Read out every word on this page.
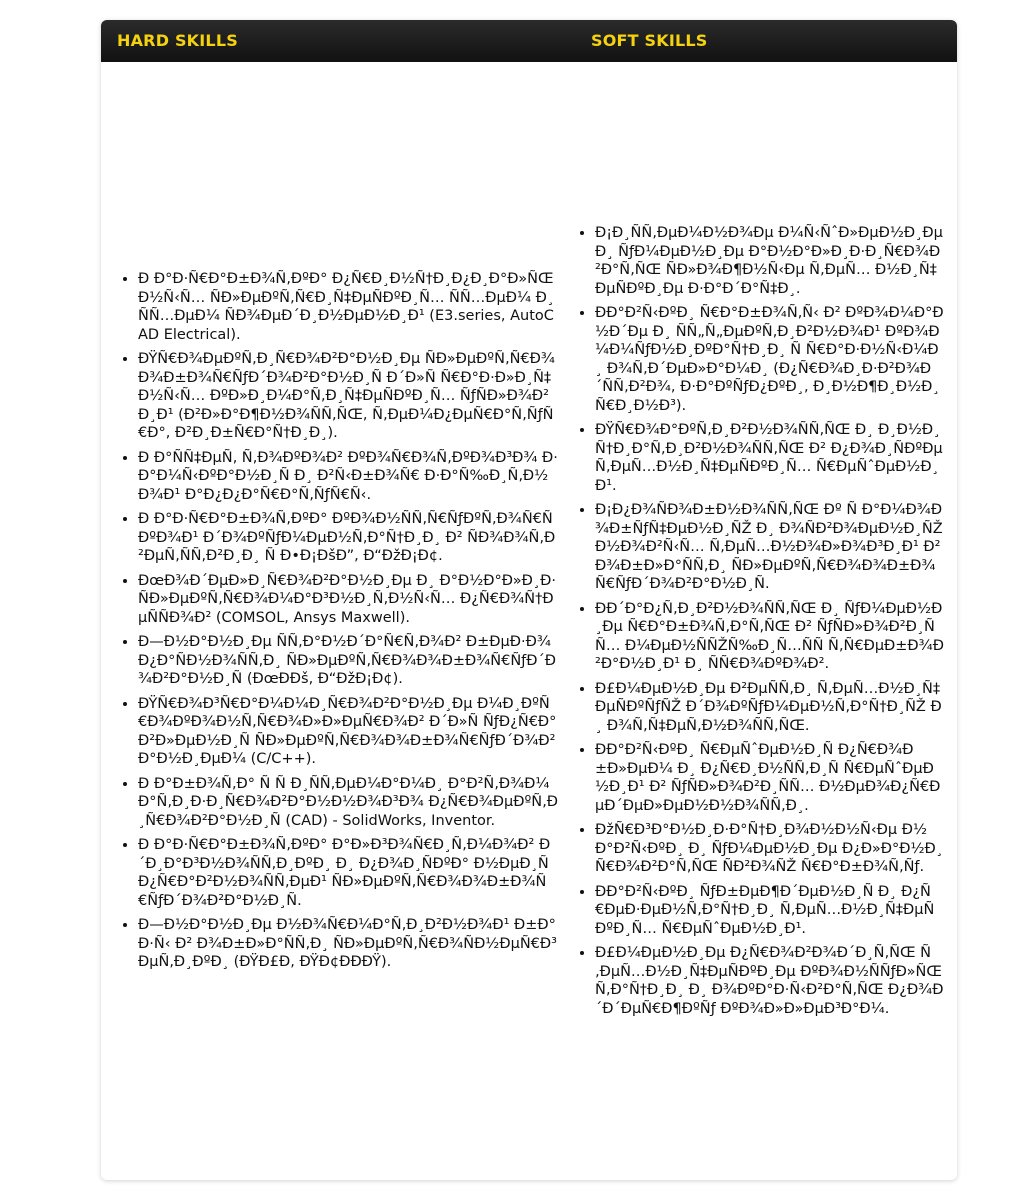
HARD SKILLS	SOFT SKILLS
• Ð Ð°Ð·Ñ€Ð°Ð±Ð¾Ñ‚ÐºÐ° Ð¿Ñ€Ð¸Ð½Ñ†Ð¸Ð¿Ð¸Ð°Ð»ÑŒÐ½Ñ‹Ñ… ÑÐ»ÐµÐºÑ‚Ñ€Ð¸Ñ‡ÐµÑÐºÐ¸Ñ… ÑÑ…ÐµÐ¼ Ð¸ ÑÑ…ÐµÐ¼ ÑÐ¾ÐµÐ´Ð¸Ð½ÐµÐ½Ð¸Ð¹ (E3.series, AutoCAD Electrical).
• ÐŸÑ€Ð¾ÐµÐºÑ‚Ð¸Ñ€Ð¾Ð²Ð°Ð½Ð¸Ðµ ÑÐ»ÐµÐºÑ‚Ñ€Ð¾Ð¾Ð±Ð¾Ñ€ÑƒÐ´Ð¾Ð²Ð°Ð½Ð¸Ñ Ð´Ð»Ñ Ñ€Ð°Ð·Ð»Ð¸Ñ‡Ð½Ñ‹Ñ… ÐºÐ»Ð¸Ð¼Ð°Ñ‚Ð¸Ñ‡ÐµÑÐºÐ¸Ñ… ÑƒÑÐ»Ð¾Ð²Ð¸Ð¹ (Ð²Ð»Ð°Ð¶Ð½Ð¾ÑÑ‚ÑŒ, Ñ‚ÐµÐ¼Ð¿ÐµÑ€Ð°Ñ‚ÑƒÑ€Ð°, Ð²Ð¸Ð±Ñ€Ð°Ñ†Ð¸Ð¸).
• Ð Ð°ÑÑ‡ÐµÑ‚ Ñ‚Ð¾ÐºÐ¾Ð² ÐºÐ¾Ñ€Ð¾Ñ‚ÐºÐ¾Ð³Ð¾ Ð·Ð°Ð¼Ñ‹ÐºÐ°Ð½Ð¸Ñ Ð¸ Ð²Ñ‹Ð±Ð¾Ñ€ Ð·Ð°Ñ‰Ð¸Ñ‚Ð½Ð¾Ð¹ Ð°Ð¿Ð¿Ð°Ñ€Ð°Ñ‚ÑƒÑ€Ñ‹.
• Ð Ð°Ð·Ñ€Ð°Ð±Ð¾Ñ‚ÐºÐ° ÐºÐ¾Ð½ÑÑ‚Ñ€ÑƒÐºÑ‚Ð¾Ñ€ÑÐºÐ¾Ð¹ Ð´Ð¾ÐºÑƒÐ¼ÐµÐ½Ñ‚Ð°Ñ†Ð¸Ð¸ Ð² ÑÐ¾Ð¾Ñ‚Ð²ÐµÑ‚ÑÑ‚Ð²Ð¸Ð¸ Ñ Ð•Ð¡ÐšÐ”, Ð“ÐžÐ¡Ð¢.
• ÐœÐ¾Ð´ÐµÐ»Ð¸Ñ€Ð¾Ð²Ð°Ð½Ð¸Ðµ Ð¸ Ð°Ð½Ð°Ð»Ð¸Ð· ÑÐ»ÐµÐºÑ‚Ñ€Ð¾Ð¼Ð°Ð³Ð½Ð¸Ñ‚Ð½Ñ‹Ñ… Ð¿Ñ€Ð¾Ñ†ÐµÑÑÐ¾Ð² (COMSOL, Ansys Maxwell).
• Ð—Ð½Ð°Ð½Ð¸Ðµ ÑÑ‚Ð°Ð½Ð´Ð°Ñ€Ñ‚Ð¾Ð² Ð±ÐµÐ·Ð¾Ð¿Ð°ÑÐ½Ð¾ÑÑ‚Ð¸ ÑÐ»ÐµÐºÑ‚Ñ€Ð¾Ð¾Ð±Ð¾Ñ€ÑƒÐ´Ð¾Ð²Ð°Ð½Ð¸Ñ (ÐœÐÐš, Ð“ÐžÐ¡Ð¢).
• ÐŸÑ€Ð¾Ð³Ñ€Ð°Ð¼Ð¼Ð¸Ñ€Ð¾Ð²Ð°Ð½Ð¸Ðµ Ð¼Ð¸ÐºÑ€Ð¾ÐºÐ¾Ð½Ñ‚Ñ€Ð¾Ð»Ð»ÐµÑ€Ð¾Ð² Ð´Ð»Ñ ÑƒÐ¿Ñ€Ð°Ð²Ð»ÐµÐ½Ð¸Ñ ÑÐ»ÐµÐºÑ‚Ñ€Ð¾Ð¾Ð±Ð¾Ñ€ÑƒÐ´Ð¾Ð²Ð°Ð½Ð¸ÐµÐ¼ (C/C++).
• Ð Ð°Ð±Ð¾Ñ‚Ð° Ñ Ñ Ð¸ÑÑ‚ÐµÐ¼Ð°Ð¼Ð¸ Ð°Ð²Ñ‚Ð¾Ð¼Ð°Ñ‚Ð¸Ð·Ð¸Ñ€Ð¾Ð²Ð°Ð½Ð½Ð¾Ð³Ð¾ Ð¿Ñ€Ð¾ÐµÐºÑ‚Ð¸Ñ€Ð¾Ð²Ð°Ð½Ð¸Ñ (CAD) - SolidWorks, Inventor.
• Ð Ð°Ð·Ñ€Ð°Ð±Ð¾Ñ‚ÐºÐ° Ð°Ð»Ð³Ð¾Ñ€Ð¸Ñ‚Ð¼Ð¾Ð² Ð´Ð¸Ð°Ð³Ð½Ð¾ÑÑ‚Ð¸ÐºÐ¸ Ð¸ Ð¿Ð¾Ð¸ÑÐºÐ° Ð½ÐµÐ¸ÑÐ¿Ñ€Ð°Ð²Ð½Ð¾ÑÑ‚ÐµÐ¹ ÑÐ»ÐµÐºÑ‚Ñ€Ð¾Ð¾Ð±Ð¾Ñ€ÑƒÐ´Ð¾Ð²Ð°Ð½Ð¸Ñ.
• Ð—Ð½Ð°Ð½Ð¸Ðµ Ð½Ð¾Ñ€Ð¼Ð°Ñ‚Ð¸Ð²Ð½Ð¾Ð¹ Ð±Ð°Ð·Ñ‹ Ð² Ð¾Ð±Ð»Ð°ÑÑ‚Ð¸ ÑÐ»ÐµÐºÑ‚Ñ€Ð¾ÑÐ½ÐµÑ€Ð³ÐµÑ‚Ð¸ÐºÐ¸ (ÐŸÐ£Ð, ÐŸÐ¢ÐÐÐŸ).
• Ð¡Ð¸ÑÑ‚ÐµÐ¼Ð½Ð¾Ðµ Ð¼Ñ‹ÑˆÐ»ÐµÐ½Ð¸Ðµ Ð¸ ÑƒÐ¼ÐµÐ½Ð¸Ðµ Ð°Ð½Ð°Ð»Ð¸Ð·Ð¸Ñ€Ð¾Ð²Ð°Ñ‚ÑŒ ÑÐ»Ð¾Ð¶Ð½Ñ‹Ðµ Ñ‚ÐµÑ… Ð½Ð¸Ñ‡ÐµÑÐºÐ¸Ðµ Ð·Ð°Ð´Ð°Ñ‡Ð¸.
• ÐÐ°Ð²Ñ‹ÐºÐ¸ Ñ€Ð°Ð±Ð¾Ñ‚Ñ‹ Ð² ÐºÐ¾Ð¼Ð°Ð½Ð´Ðµ Ð¸ ÑÑ„Ñ„ÐµÐºÑ‚Ð¸Ð²Ð½Ð¾Ð¹ ÐºÐ¾Ð¼Ð¼ÑƒÐ½Ð¸ÐºÐ°Ñ†Ð¸Ð¸ Ñ Ñ€Ð°Ð·Ð½Ñ‹Ð¼Ð¸ Ð¾Ñ‚Ð´ÐµÐ»Ð°Ð¼Ð¸ (Ð¿Ñ€Ð¾Ð¸Ð·Ð²Ð¾Ð´ÑÑ‚Ð²Ð¾, Ð·Ð°ÐºÑƒÐ¿ÐºÐ¸, Ð¸Ð½Ð¶Ð¸Ð½Ð¸Ñ€Ð¸Ð½Ð³).
• ÐŸÑ€Ð¾Ð°ÐºÑ‚Ð¸Ð²Ð½Ð¾ÑÑ‚ÑŒ Ð¸ Ð¸Ð½Ð¸Ñ†Ð¸Ð°Ñ‚Ð¸Ð²Ð½Ð¾ÑÑ‚ÑŒ Ð² Ð¿Ð¾Ð¸ÑÐºÐµ Ñ‚ÐµÑ…Ð½Ð¸Ñ‡ÐµÑÐºÐ¸Ñ… Ñ€ÐµÑˆÐµÐ½Ð¸Ð¹.
• Ð¡Ð¿Ð¾ÑÐ¾Ð±Ð½Ð¾ÑÑ‚ÑŒ Ðº Ñ Ð°Ð¼Ð¾Ð¾Ð±ÑƒÑ‡ÐµÐ½Ð¸ÑŽ Ð¸ Ð¾ÑÐ²Ð¾ÐµÐ½Ð¸ÑŽ Ð½Ð¾Ð²Ñ‹Ñ… Ñ‚ÐµÑ…Ð½Ð¾Ð»Ð¾Ð³Ð¸Ð¹ Ð² Ð¾Ð±Ð»Ð°ÑÑ‚Ð¸ ÑÐ»ÐµÐºÑ‚Ñ€Ð¾Ð¾Ð±Ð¾Ñ€ÑƒÐ´Ð¾Ð²Ð°Ð½Ð¸Ñ.
• ÐÐ´Ð°Ð¿Ñ‚Ð¸Ð²Ð½Ð¾ÑÑ‚ÑŒ Ð¸ ÑƒÐ¼ÐµÐ½Ð¸Ðµ Ñ€Ð°Ð±Ð¾Ñ‚Ð°Ñ‚ÑŒ Ð² ÑƒÑÐ»Ð¾Ð²Ð¸ÑÑ… Ð¼ÐµÐ½ÑÑŽÑ‰Ð¸Ñ…ÑÑ Ñ‚Ñ€ÐµÐ±Ð¾Ð²Ð°Ð½Ð¸Ð¹ Ð¸ ÑÑ€Ð¾ÐºÐ¾Ð².
• Ð£Ð¼ÐµÐ½Ð¸Ðµ Ð²ÐµÑÑ‚Ð¸ Ñ‚ÐµÑ…Ð½Ð¸Ñ‡ÐµÑÐºÑƒÑŽ Ð´Ð¾ÐºÑƒÐ¼ÐµÐ½Ñ‚Ð°Ñ†Ð¸ÑŽ Ð¸ Ð¾Ñ‚Ñ‡ÐµÑ‚Ð½Ð¾ÑÑ‚ÑŒ.
• ÐÐ°Ð²Ñ‹ÐºÐ¸ Ñ€ÐµÑˆÐµÐ½Ð¸Ñ Ð¿Ñ€Ð¾Ð±Ð»ÐµÐ¼ Ð¸ Ð¿Ñ€Ð¸Ð½ÑÑ‚Ð¸Ñ Ñ€ÐµÑˆÐµÐ½Ð¸Ð¹ Ð² ÑƒÑÐ»Ð¾Ð²Ð¸ÑÑ… Ð½ÐµÐ¾Ð¿Ñ€ÐµÐ´ÐµÐ»ÐµÐ½Ð½Ð¾ÑÑ‚Ð¸.
• ÐžÑ€Ð³Ð°Ð½Ð¸Ð·Ð°Ñ†Ð¸Ð¾Ð½Ð½Ñ‹Ðµ Ð½Ð°Ð²Ñ‹ÐºÐ¸ Ð¸ ÑƒÐ¼ÐµÐ½Ð¸Ðµ Ð¿Ð»Ð°Ð½Ð¸Ñ€Ð¾Ð²Ð°Ñ‚ÑŒ ÑÐ²Ð¾ÑŽ Ñ€Ð°Ð±Ð¾Ñ‚Ñƒ.
• ÐÐ°Ð²Ñ‹ÐºÐ¸ ÑƒÐ±ÐµÐ¶Ð´ÐµÐ½Ð¸Ñ Ð¸ Ð¿Ñ€ÐµÐ·ÐµÐ½Ñ‚Ð°Ñ†Ð¸Ð¸ Ñ‚ÐµÑ…Ð½Ð¸Ñ‡ÐµÑÐºÐ¸Ñ… Ñ€ÐµÑˆÐµÐ½Ð¸Ð¹.
• Ð£Ð¼ÐµÐ½Ð¸Ðµ Ð¿Ñ€Ð¾Ð²Ð¾Ð´Ð¸Ñ‚ÑŒ Ñ‚ÐµÑ…Ð½Ð¸Ñ‡ÐµÑÐºÐ¸Ðµ ÐºÐ¾Ð½ÑÑƒÐ»ÑŒÑ‚Ð°Ñ†Ð¸Ð¸ Ð¸ Ð¾ÐºÐ°Ð·Ñ‹Ð²Ð°Ñ‚ÑŒ Ð¿Ð¾Ð´Ð´ÐµÑ€Ð¶ÐºÑƒ ÐºÐ¾Ð»Ð»ÐµÐ³Ð°Ð¼.
